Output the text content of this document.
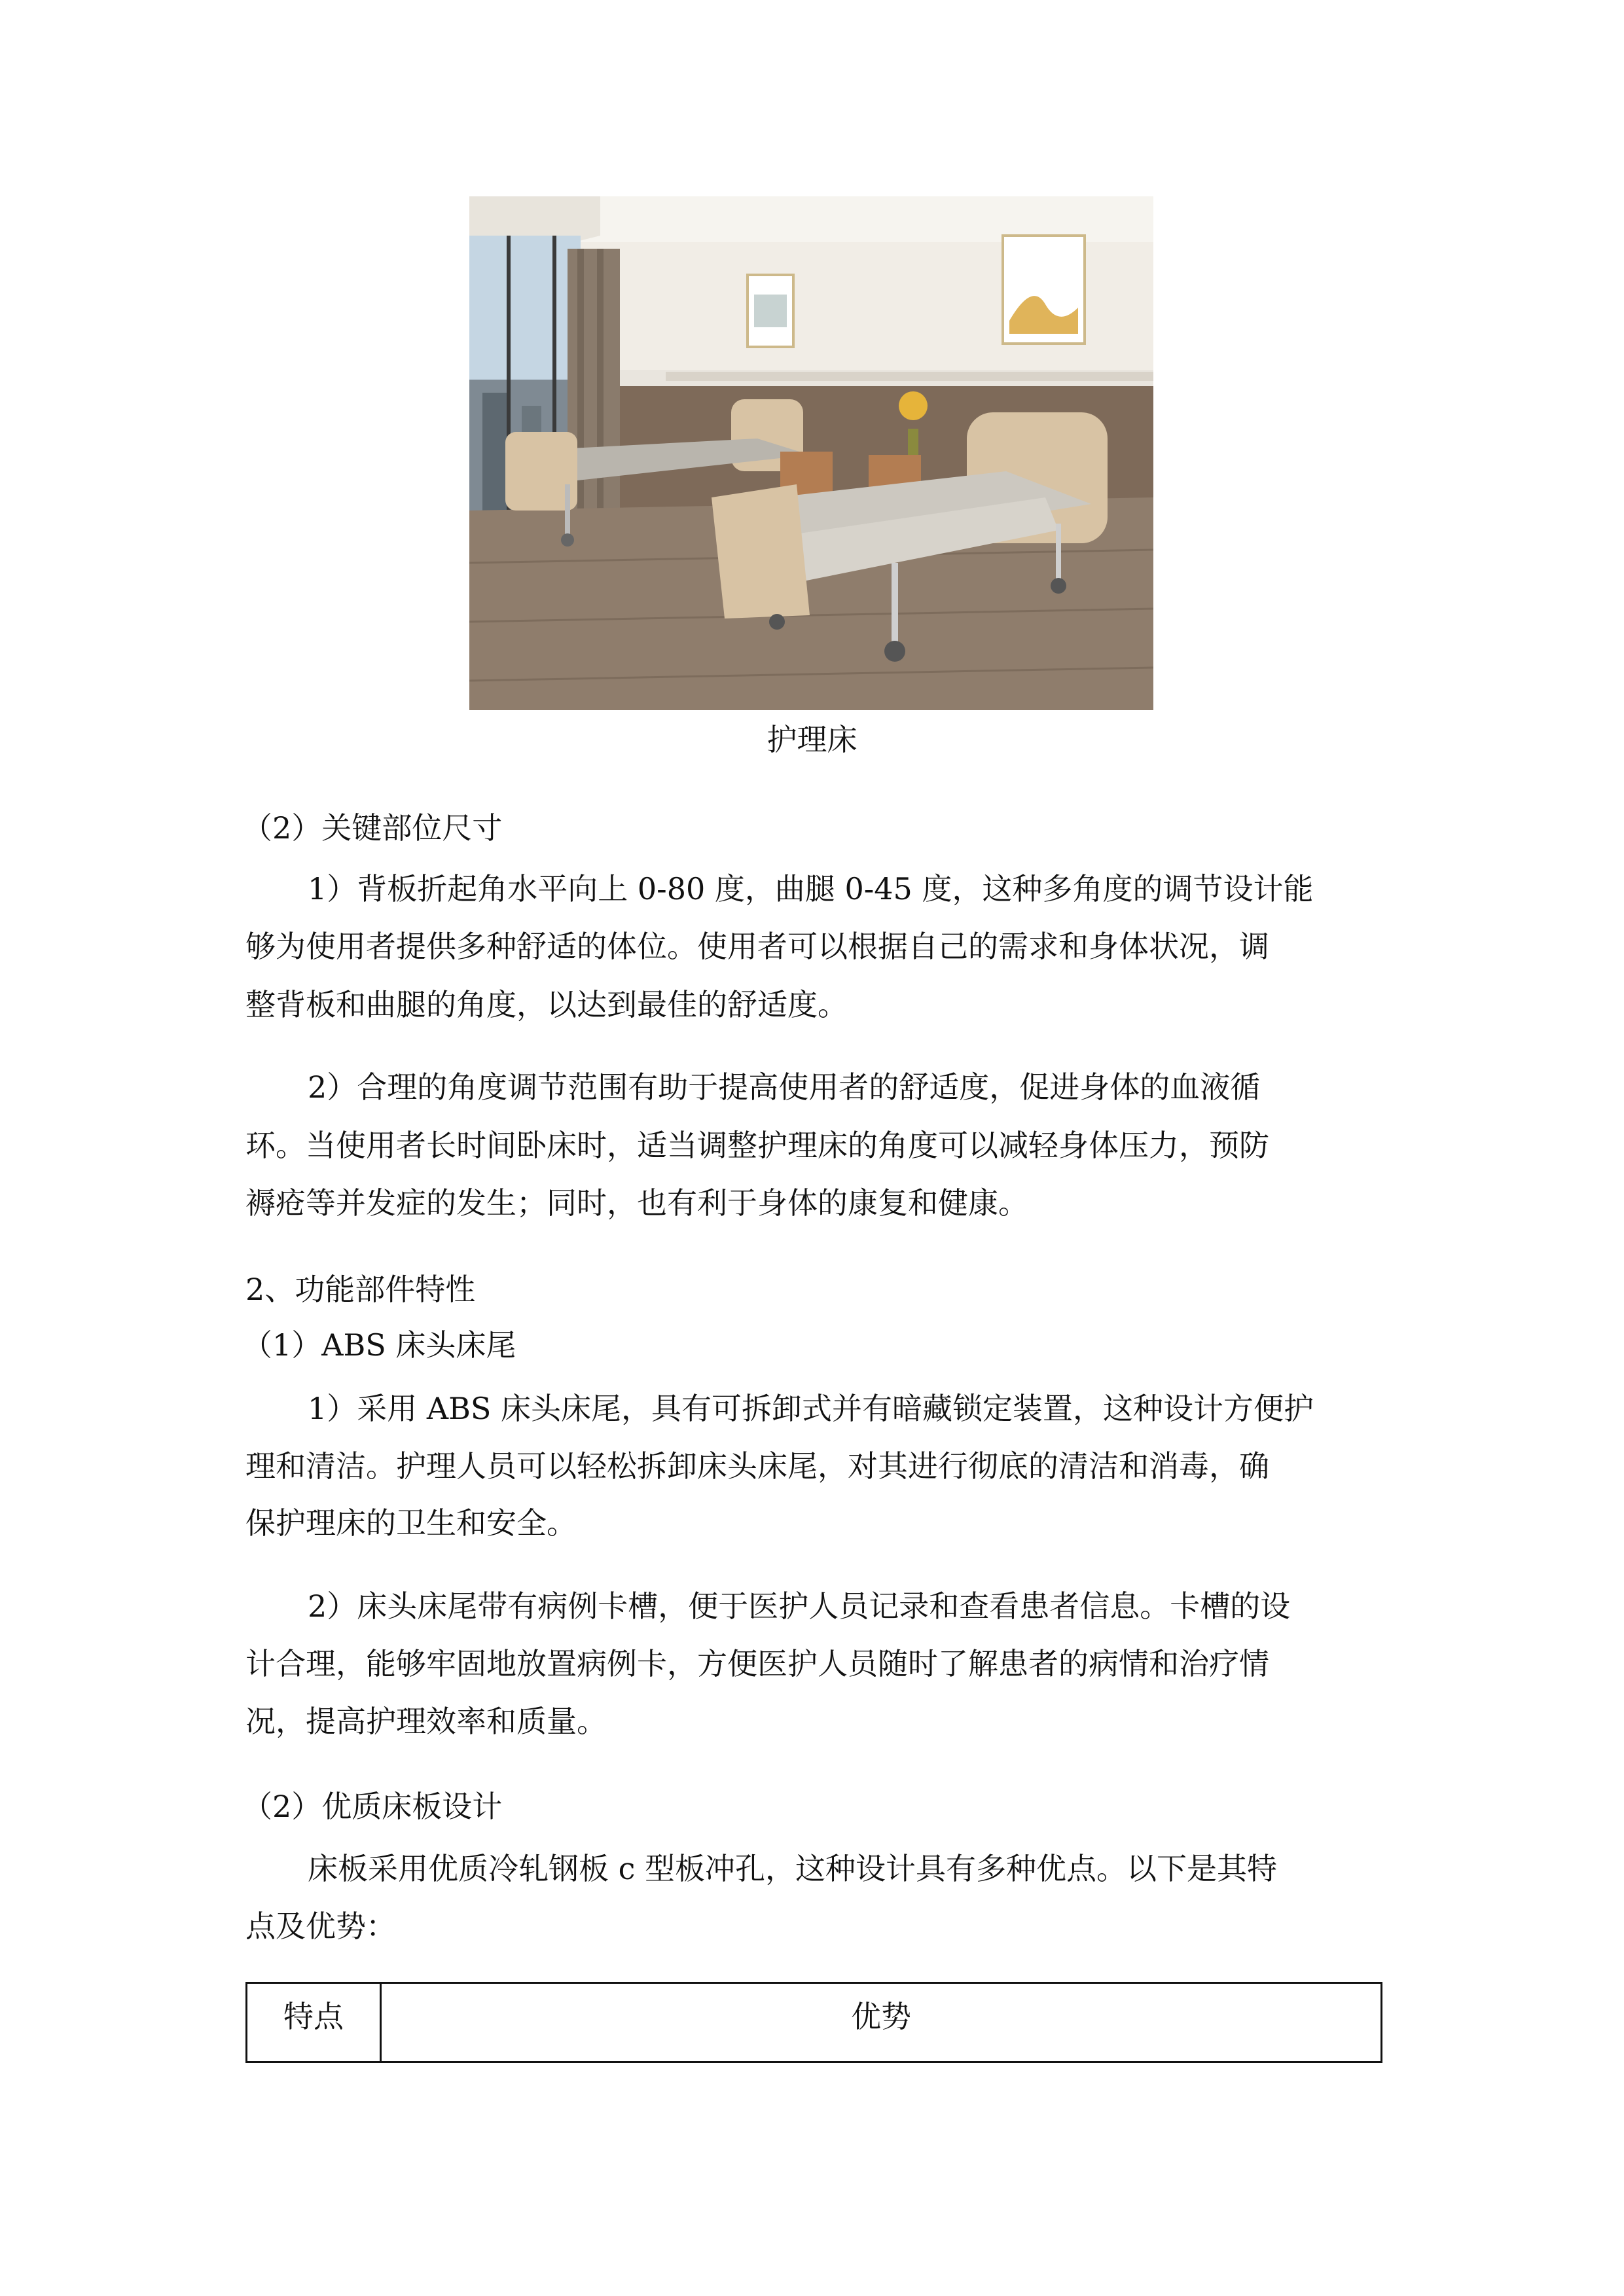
护理床
（2）关键部位尺寸
1）背板折起角水平向上 0-80 度，曲腿 0-45 度，这种多角度的调节设计能
够为使用者提供多种舒适的体位。使用者可以根据自己的需求和身体状况，调
整背板和曲腿的角度，以达到最佳的舒适度。
2）合理的角度调节范围有助于提高使用者的舒适度，促进身体的血液循
环。当使用者长时间卧床时，适当调整护理床的角度可以减轻身体压力，预防
褥疮等并发症的发生；同时，也有利于身体的康复和健康。
2、功能部件特性
（1）ABS 床头床尾
1）采用 ABS 床头床尾，具有可拆卸式并有暗藏锁定装置，这种设计方便护
理和清洁。护理人员可以轻松拆卸床头床尾，对其进行彻底的清洁和消毒，确
保护理床的卫生和安全。
2）床头床尾带有病例卡槽，便于医护人员记录和查看患者信息。卡槽的设
计合理，能够牢固地放置病例卡，方便医护人员随时了解患者的病情和治疗情
况，提高护理效率和质量。
（2）优质床板设计
床板采用优质冷轧钢板 c 型板冲孔，这种设计具有多种优点。以下是其特
点及优势：
特点	优势
